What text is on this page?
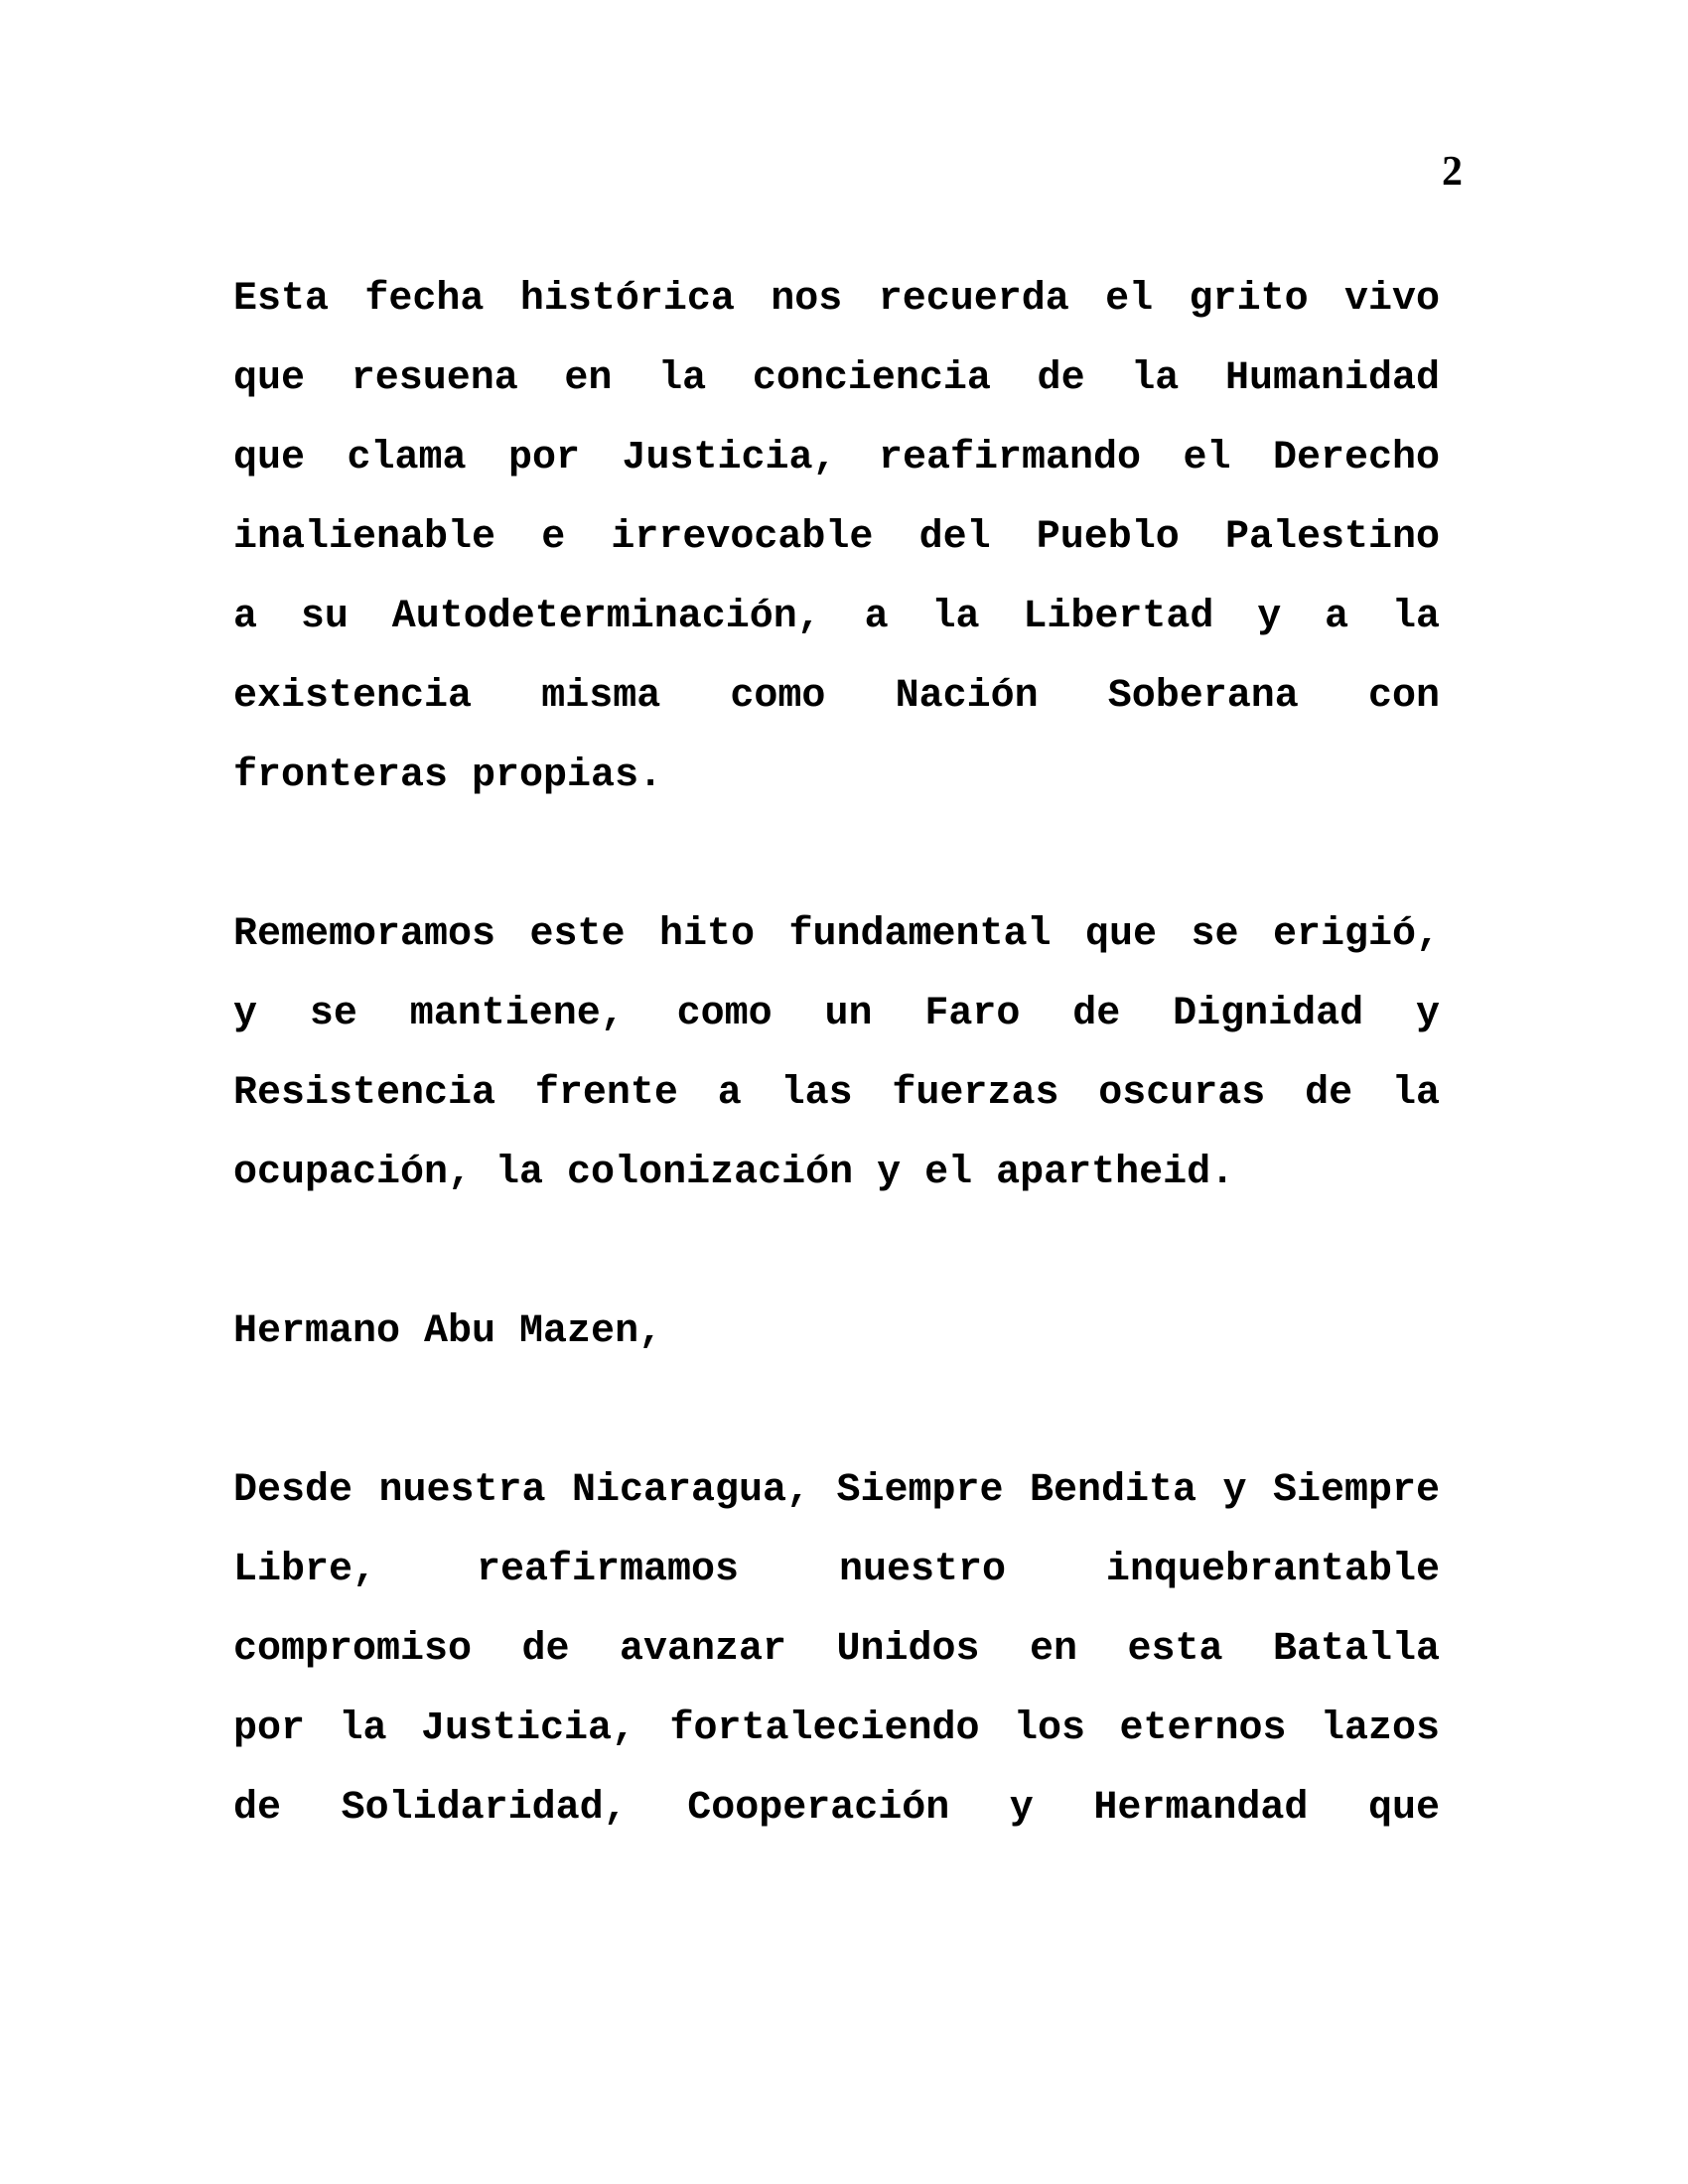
2
Esta fecha histórica nos recuerda el grito vivo
que resuena en la conciencia de la Humanidad
que clama por Justicia, reafirmando el Derecho
inalienable e irrevocable del Pueblo Palestino
a su Autodeterminación, a la Libertad y a la
existencia misma como Nación Soberana con
fronteras propias.
Rememoramos este hito fundamental que se erigió,
y se mantiene, como un Faro de Dignidad y
Resistencia frente a las fuerzas oscuras de la
ocupación, la colonización y el apartheid.
Hermano Abu Mazen,
Desde nuestra Nicaragua, Siempre Bendita y Siempre
Libre, reafirmamos nuestro inquebrantable
compromiso de avanzar Unidos en esta Batalla
por la Justicia, fortaleciendo los eternos lazos
de Solidaridad, Cooperación y Hermandad que
